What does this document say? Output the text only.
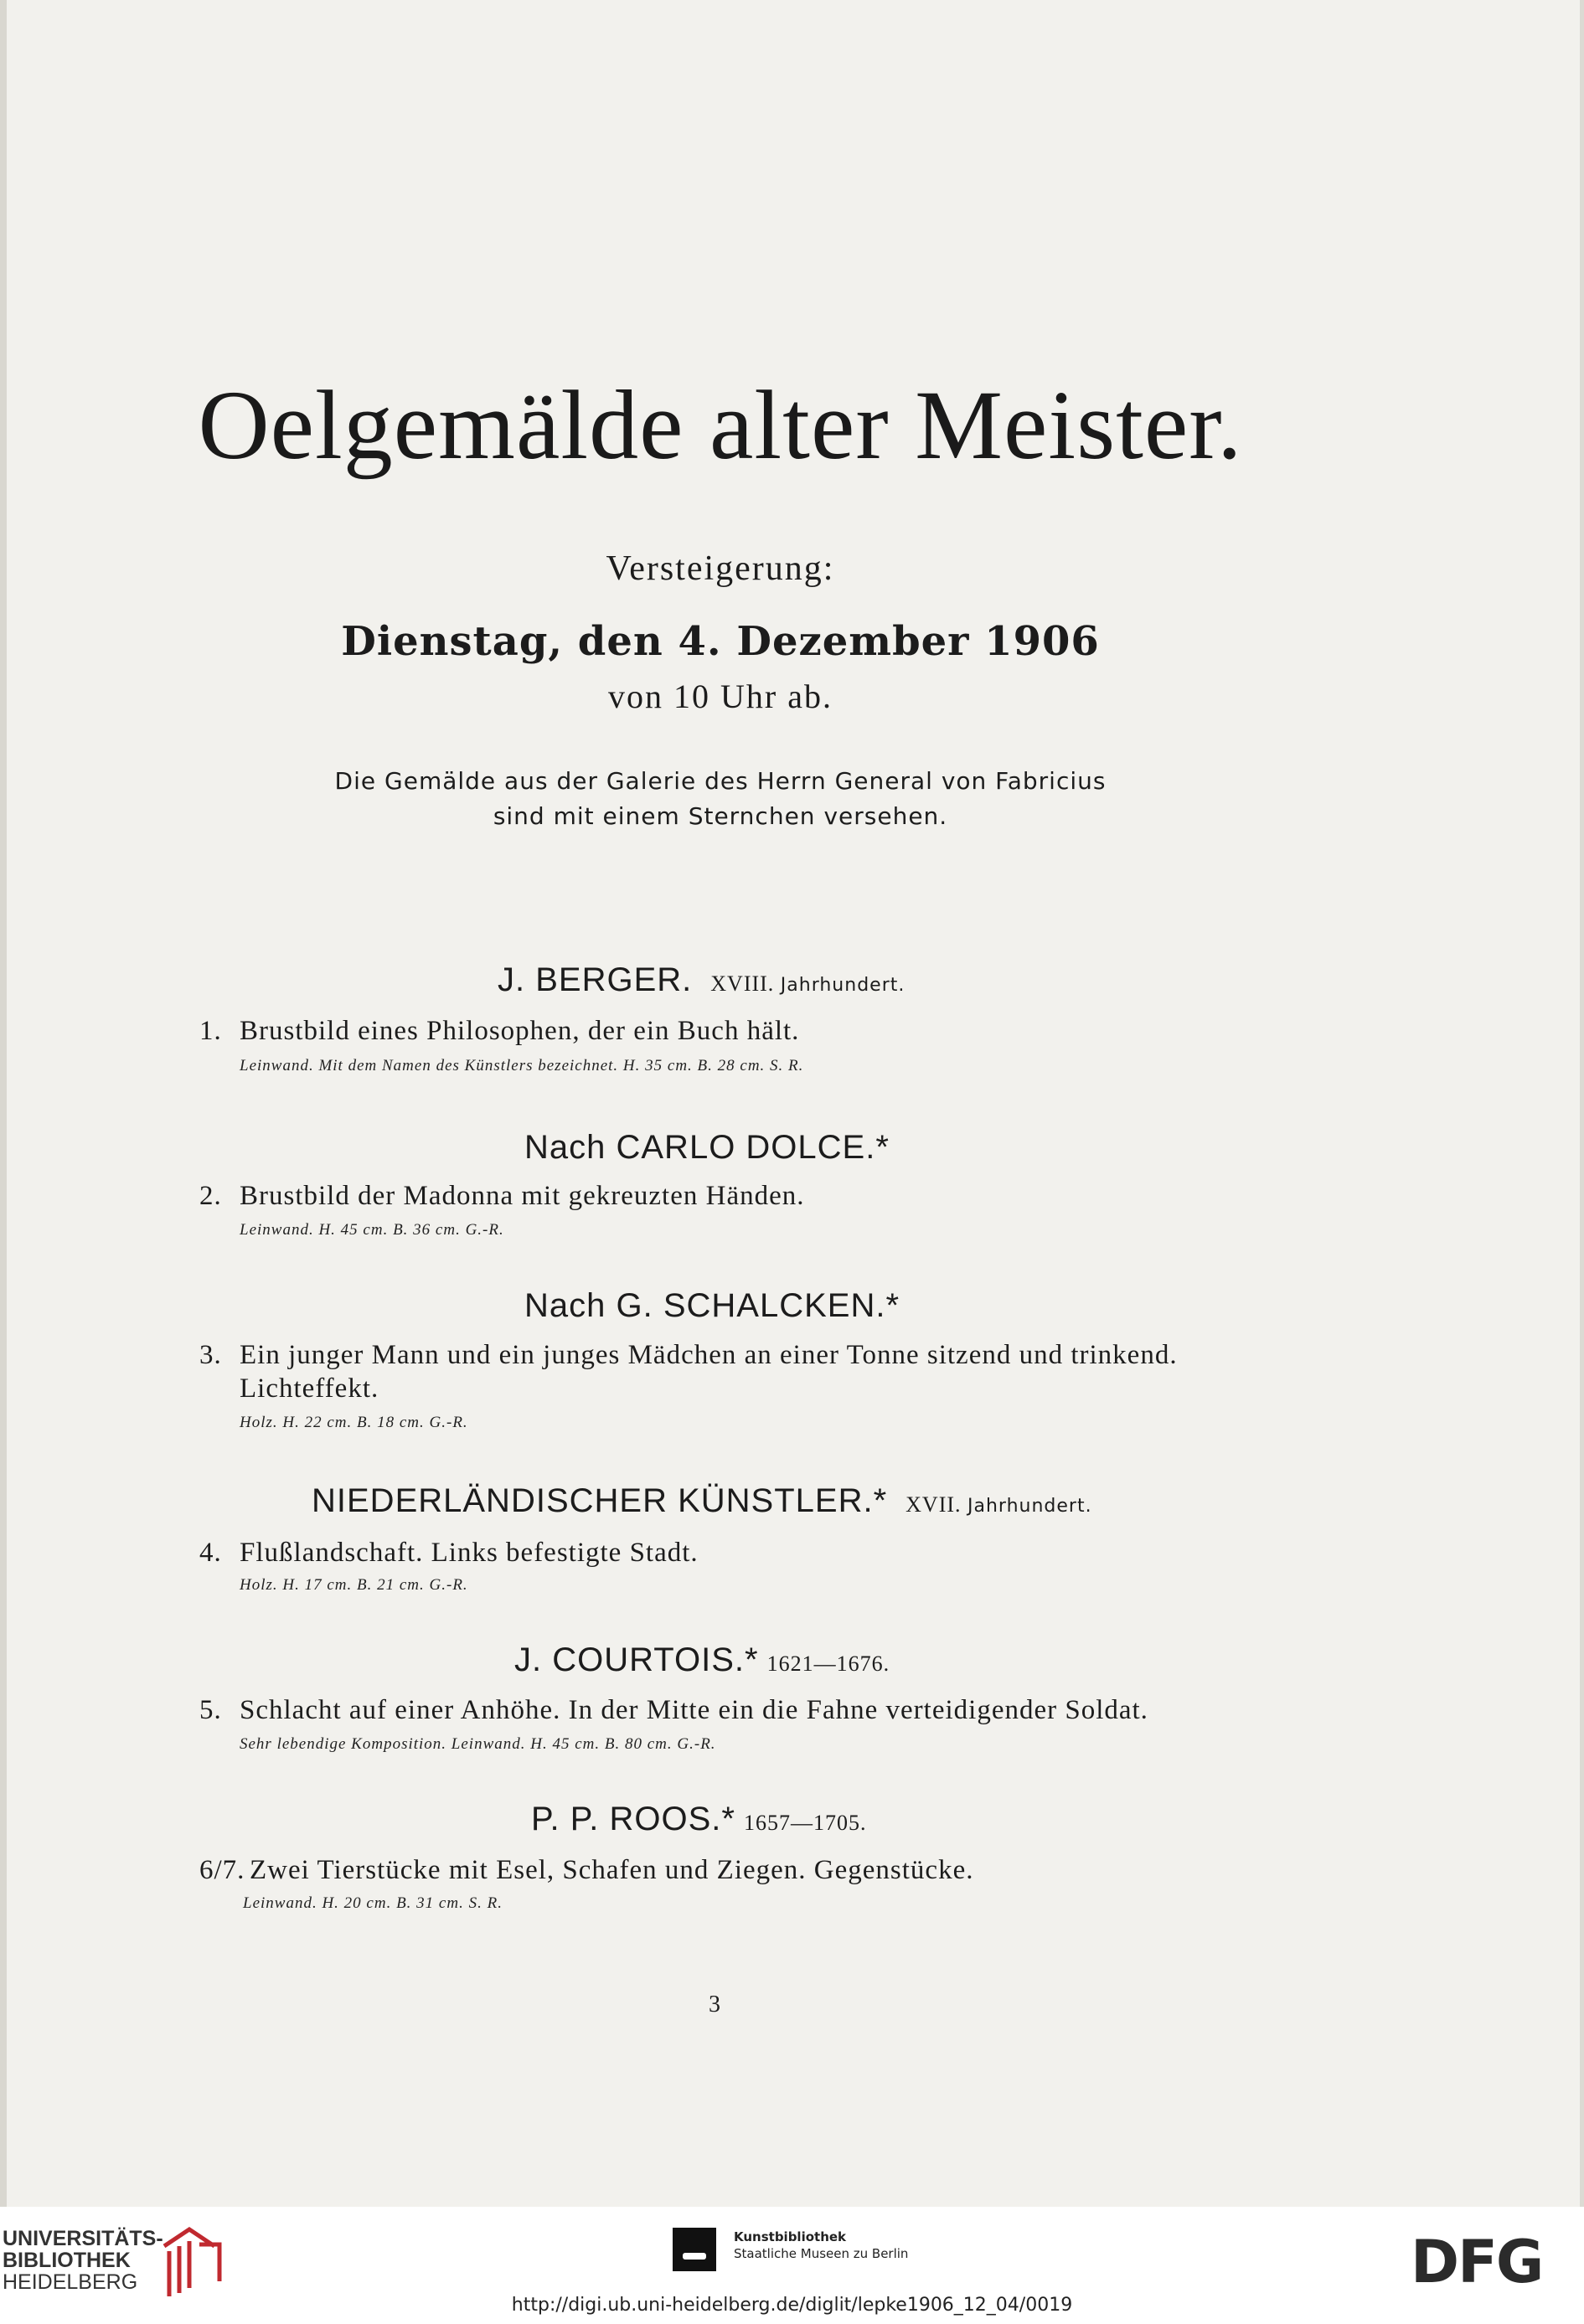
Oelgemälde alter Meister.
Versteigerung:
Dienstag, den 4. Dezember 1906
von 10 Uhr ab.
Die Gemälde aus der Galerie des Herrn General von Fabricius
sind mit einem Sternchen versehen.
J. BERGER. XVIII. Jahrhundert.
1. Brustbild eines Philosophen, der ein Buch hält.
Leinwand. Mit dem Namen des Künstlers bezeichnet. H. 35 cm. B. 28 cm. S. R.
Nach CARLO DOLCE.*
2. Brustbild der Madonna mit gekreuzten Händen.
Leinwand. H. 45 cm. B. 36 cm. G.-R.
Nach G. SCHALCKEN.*
3. Ein junger Mann und ein junges Mädchen an einer Tonne sitzend und trinkend.
Lichteffekt.
Holz. H. 22 cm. B. 18 cm. G.-R.
NIEDERLÄNDISCHER KÜNSTLER.* XVII. Jahrhundert.
4. Flußlandschaft. Links befestigte Stadt.
Holz. H. 17 cm. B. 21 cm. G.-R.
J. COURTOIS.* 1621—1676.
5. Schlacht auf einer Anhöhe. In der Mitte ein die Fahne verteidigender Soldat.
Sehr lebendige Komposition. Leinwand. H. 45 cm. B. 80 cm. G.-R.
P. P. ROOS.* 1657—1705.
6/7. Zwei Tierstücke mit Esel, Schafen und Ziegen. Gegenstücke.
Leinwand. H. 20 cm. B. 31 cm. S. R.
3
UNIVERSITÄTS-
BIBLIOTHEK
HEIDELBERG
Kunstbibliothek
Staatliche Museen zu Berlin	DFG
http://digi.ub.uni-heidelberg.de/diglit/lepke1906_12_04/0019
